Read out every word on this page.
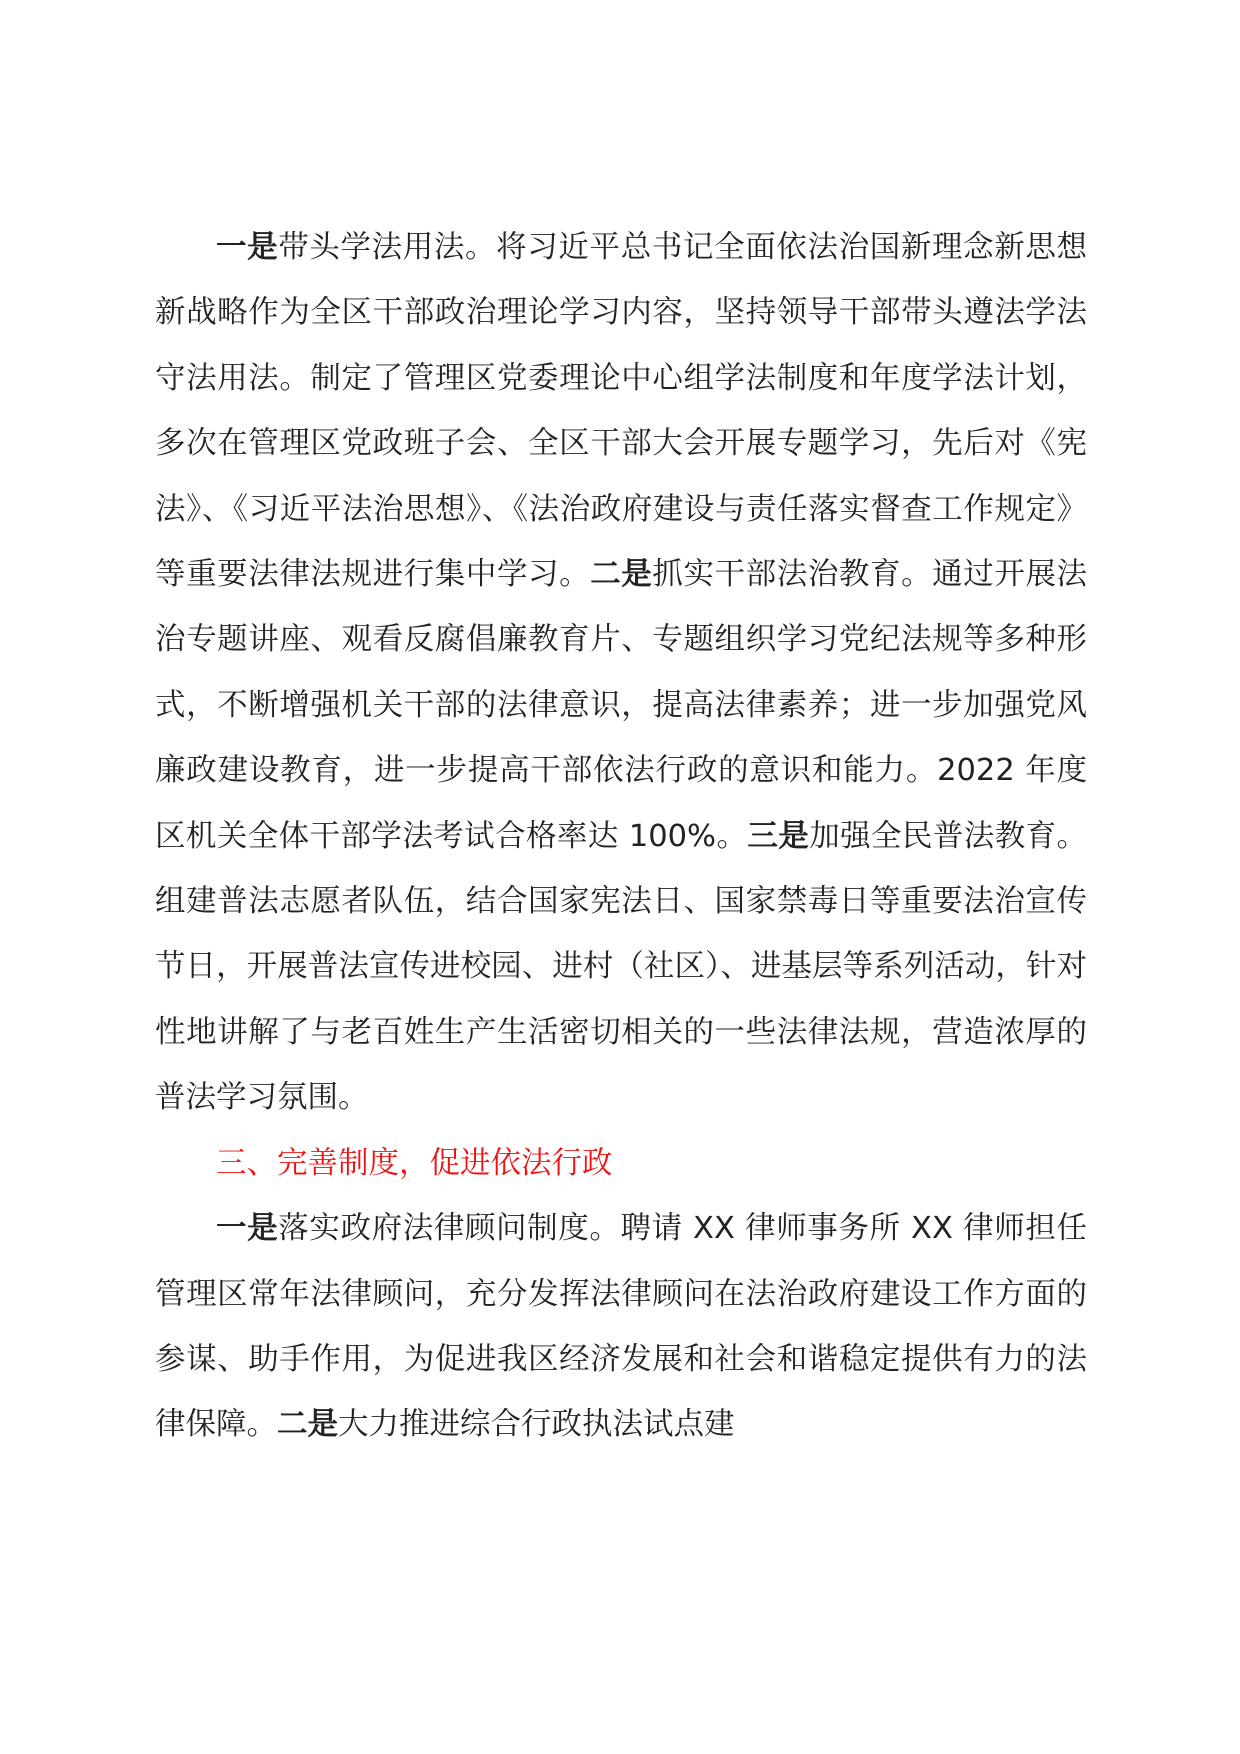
一是带头学法用法。将习近平总书记全面依法治国新理念新思想新战略作为全区干部政治理论学习内容，坚持领导干部带头遵法学法守法用法。制定了管理区党委理论中心组学法制度和年度学法计划，多次在管理区党政班子会、全区干部大会开展专题学习，先后对《宪法》、《习近平法治思想》、《法治政府建设与责任落实督查工作规定》等重要法律法规进行集中学习。二是抓实干部法治教育。通过开展法治专题讲座、观看反腐倡廉教育片、专题组织学习党纪法规等多种形式，不断增强机关干部的法律意识，提高法律素养；进一步加强党风廉政建设教育，进一步提高干部依法行政的意识和能力。2022 年度区机关全体干部学法考试合格率达 100%。三是加强全民普法教育。组建普法志愿者队伍，结合国家宪法日、国家禁毒日等重要法治宣传节日，开展普法宣传进校园、进村（社区）、进基层等系列活动，针对性地讲解了与老百姓生产生活密切相关的一些法律法规，营造浓厚的普法学习氛围。

三、完善制度，促进依法行政

一是落实政府法律顾问制度。聘请 XX 律师事务所 XX 律师担任管理区常年法律顾问，充分发挥法律顾问在法治政府建设工作方面的参谋、助手作用，为促进我区经济发展和社会和谐稳定提供有力的法律保障。二是大力推进综合行政执法试点建
